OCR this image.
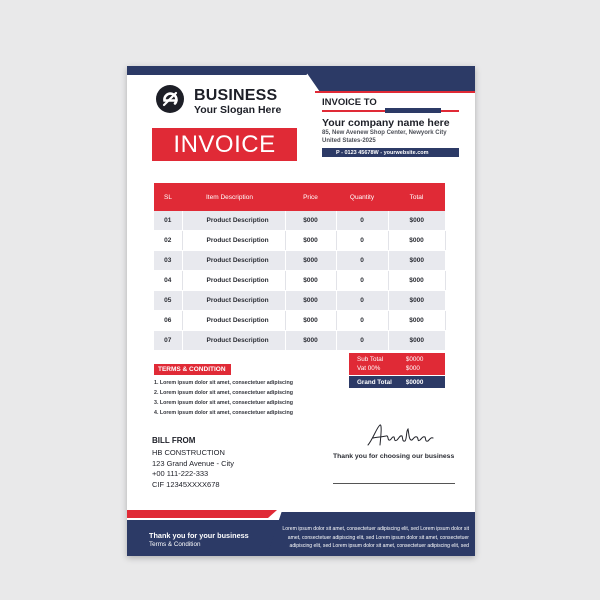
BUSINESS
Your Slogan Here
INVOICE
INVOICE TO
Your company name here
85, New Avenew Shop Center, Newyork City United States-2025
P - 0123 45678W - yourwebsite.com
SL	Item Description	Price	Quantity	Total
01	Product Description	$000	0	$000
02	Product Description	$000	0	$000
03	Product Description	$000	0	$000
04	Product Description	$000	0	$000
05	Product Description	$000	0	$000
06	Product Description	$000	0	$000
07	Product Description	$000	0	$000
Sub Total	$0000
Vat 00%	$000
Grand Total	$0000
TERMS & CONDITION
1. Lorem ipsum dolor sit amet, consectetuer adipiscing
2. Lorem ipsum dolor sit amet, consectetuer adipiscing
3. Lorem ipsum dolor sit amet, consectetuer adipiscing
4. Lorem ipsum dolor sit amet, consectetuer adipiscing
BILL FROM
HB CONSTRUCTION
123 Grand Avenue - City
+00 111-222-333
CIF 12345XXXX678
Thank you for choosing our business
Thank you for your business
Terms & Condition
Lorem ipsum dolor sit amet, consectetuer adipiscing elit, sed Lorem ipsum dolor sit amet, consectetuer adipiscing elit, sed Lorem ipsum dolor sit amet, consectetuer adipiscing elit, sed Lorem ipsum dolor sit amet, consectetuer adipiscing elit, sed
